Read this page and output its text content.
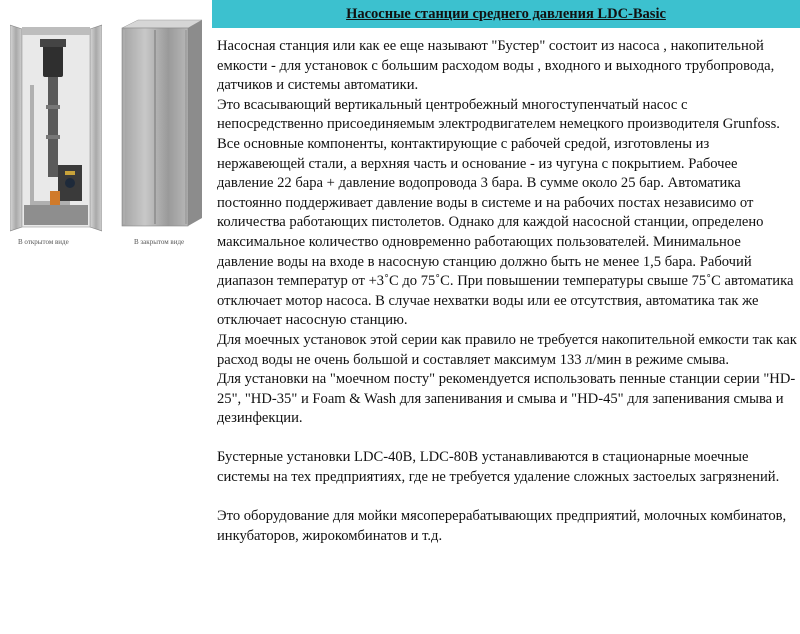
В открытом виде	В закрытом виде
Насосные станции среднего давления LDC-Basic

Насосная станция или как ее еще называют "Бустер" состоит из насоса , накопительной емкости - для установок с большим расходом воды , входного и выходного трубопровода, датчиков и системы автоматики.

Это всасывающий вертикальный центробежный многоступенчатый насос с непосредственно присоединяемым электродвигателем немецкого производителя Grunfoss. Все основные компоненты, контактирующие с рабочей средой, изготовлены из нержавеющей стали, а верхняя часть и основание - из чугуна с покрытием. Рабочее давление 22 бара + давление водопровода 3 бара. В сумме около 25 бар. Автоматика постоянно поддерживает давление воды в системе и на рабочих постах независимо от количества работающих пистолетов. Однако для каждой насосной станции, определено максимальное количество одновременно работающих пользователей. Минимальное давление воды на входе в насосную станцию должно быть не менее 1,5 бара. Рабочий диапазон температур от +3˚С до 75˚С. При повышении температуры свыше 75˚С автоматика отключает мотор насоса. В случае нехватки воды или ее отсутствия, автоматика так же отключает насосную станцию.

Для моечных установок этой серии как правило не требуется накопительной емкости так как расход воды не очень большой и составляет максимум 133 л/мин в режиме смыва.

Для установки на "моечном посту" рекомендуется использовать пенные станции серии "HD-25", "HD-35" и Foam & Wash для запенивания и смыва и "HD-45" для запенивания смыва и дезинфекции.

Бустерные установки LDC-40B, LDC-80B устанавливаются в стационарные моечные системы на тех предприятиях, где не требуется удаление сложных застоелых загрязнений.

Это оборудование для мойки мясоперерабатывающих предприятий, молочных комбинатов, инкубаторов, жирокомбинатов и т.д.
